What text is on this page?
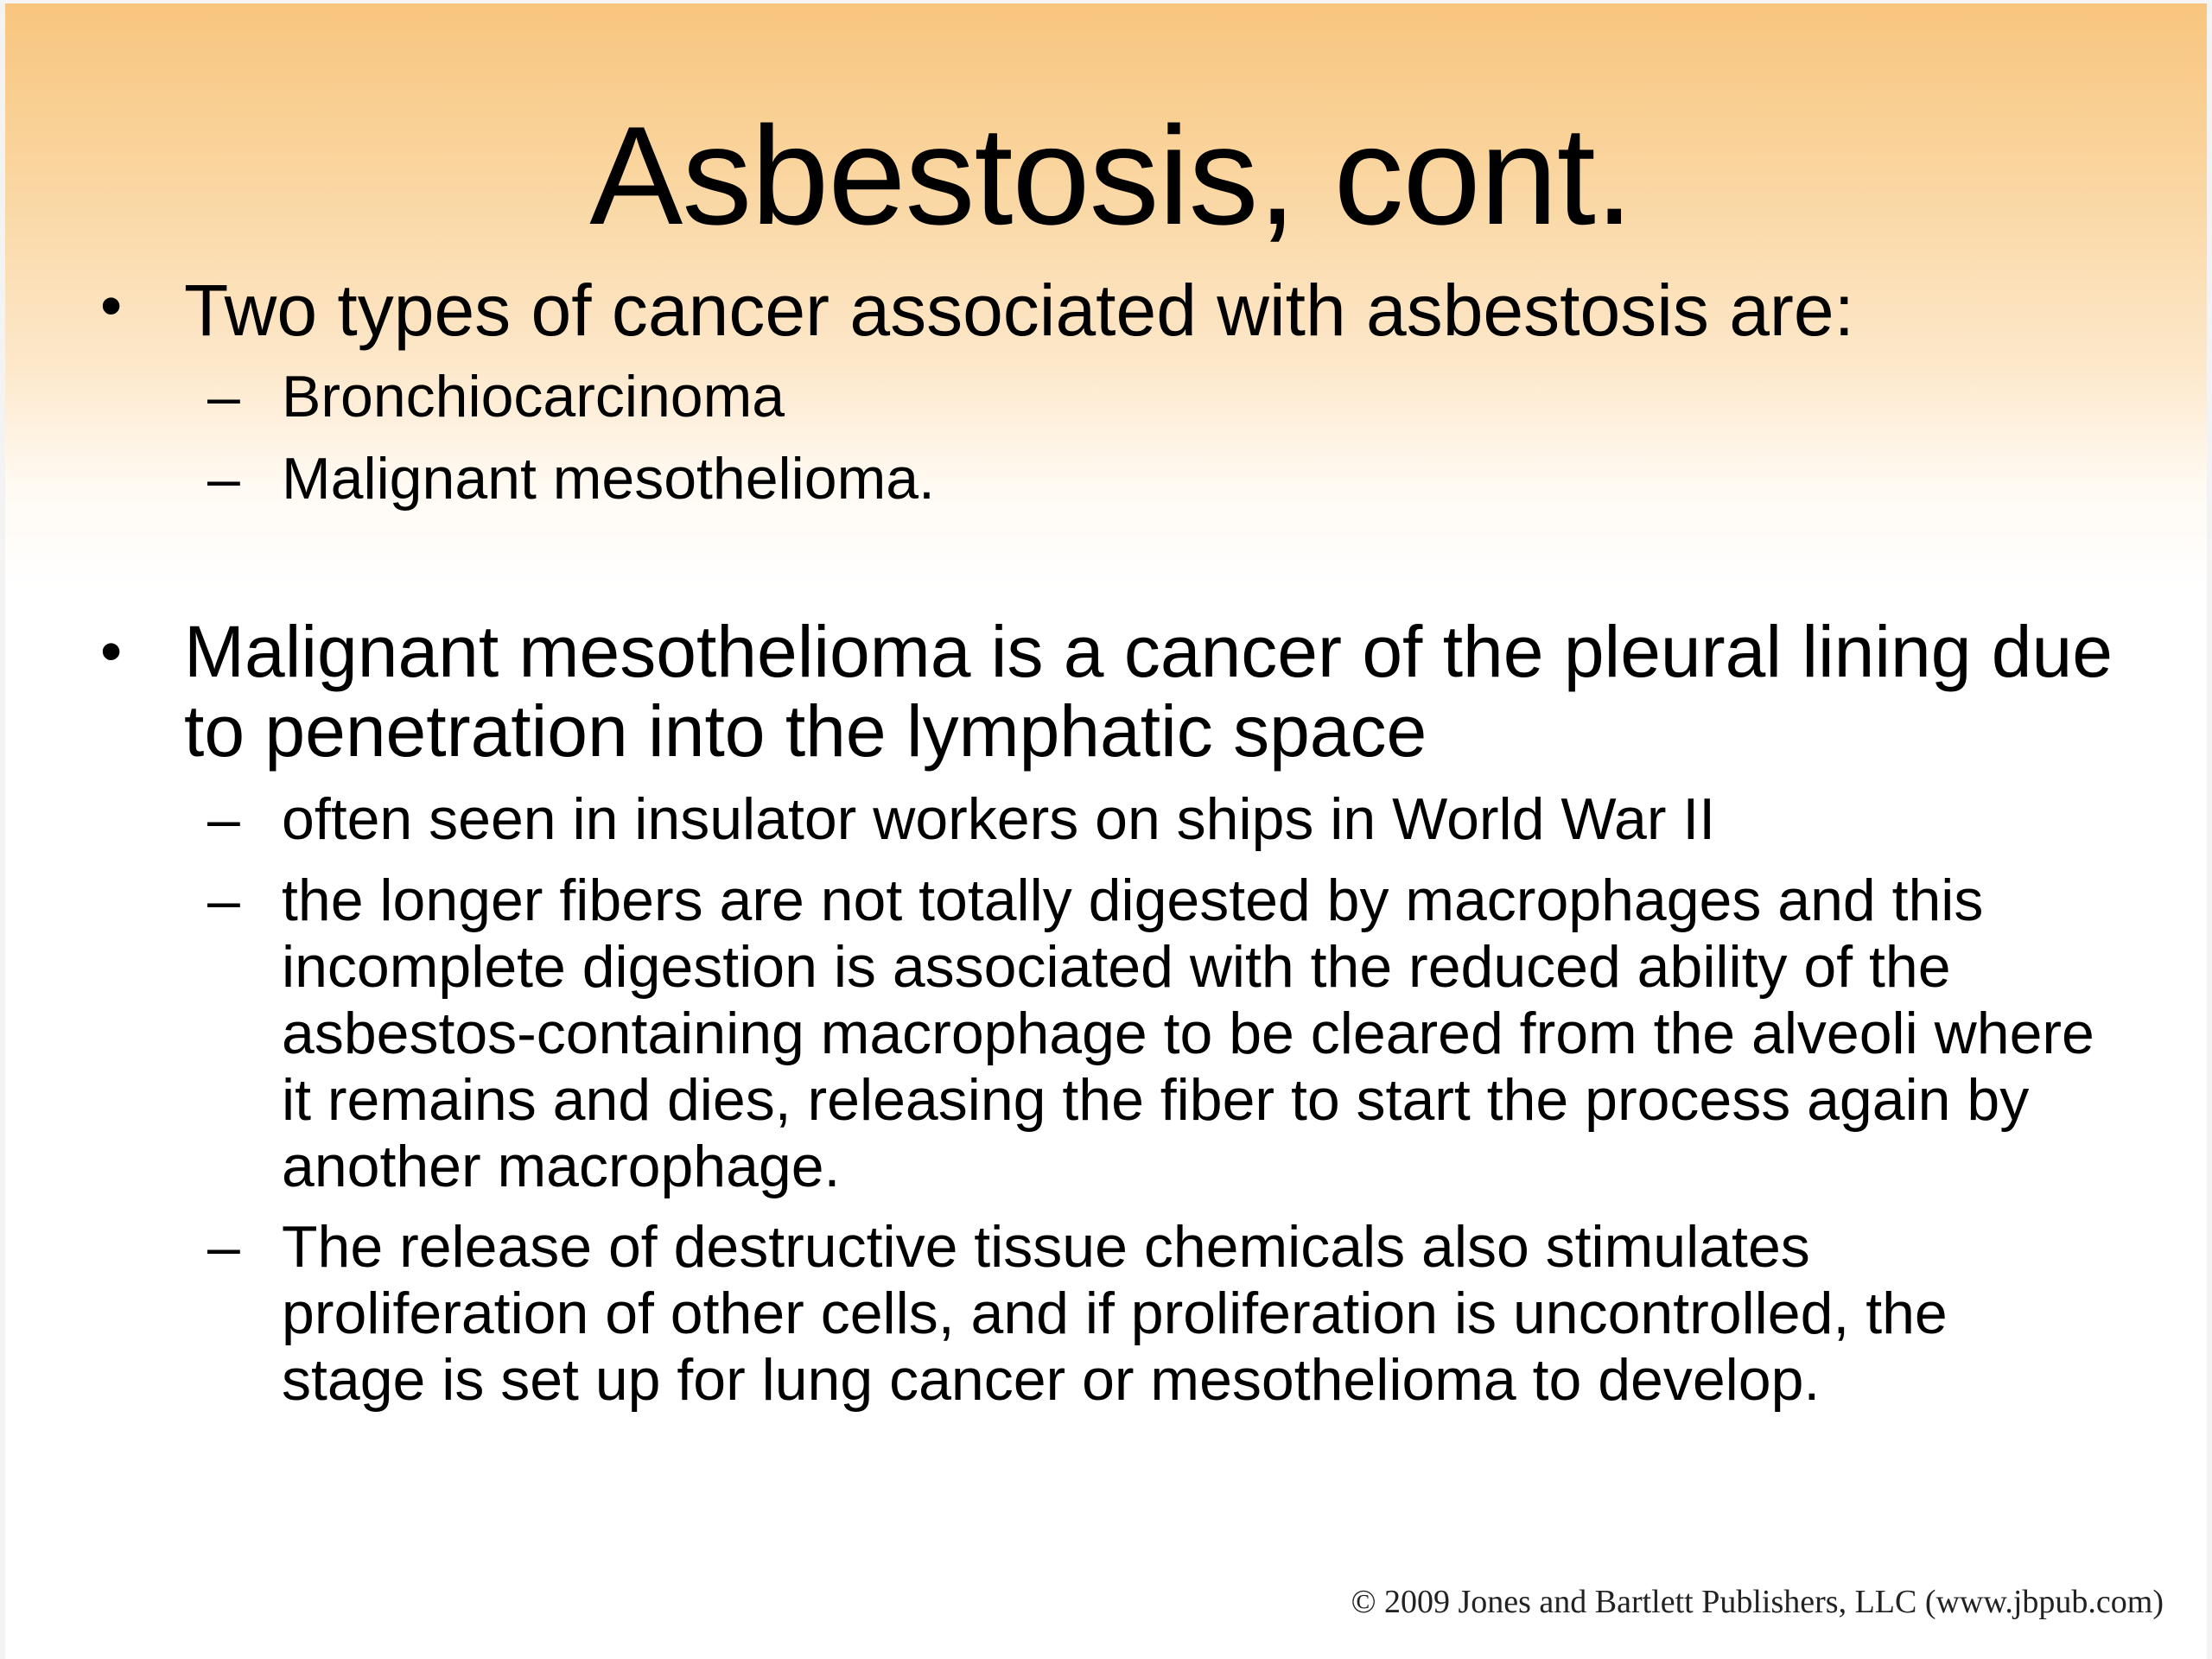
Asbestosis, cont.
• Two types of cancer associated with asbestosis are:
– Bronchiocarcinoma
– Malignant mesothelioma.
• Malignant mesothelioma is a cancer of the pleural lining due to penetration into the lymphatic space
– often seen in insulator workers on ships in World War II
– the longer fibers are not totally digested by macrophages and this incomplete digestion is associated with the reduced ability of the asbestos-containing macrophage to be cleared from the alveoli where it remains and dies, releasing the fiber to start the process again by another macrophage.
– The release of destructive tissue chemicals also stimulates proliferation of other cells, and if proliferation is uncontrolled, the stage is set up for lung cancer or mesothelioma to develop.
© 2009 Jones and Bartlett Publishers, LLC (www.jbpub.com)
